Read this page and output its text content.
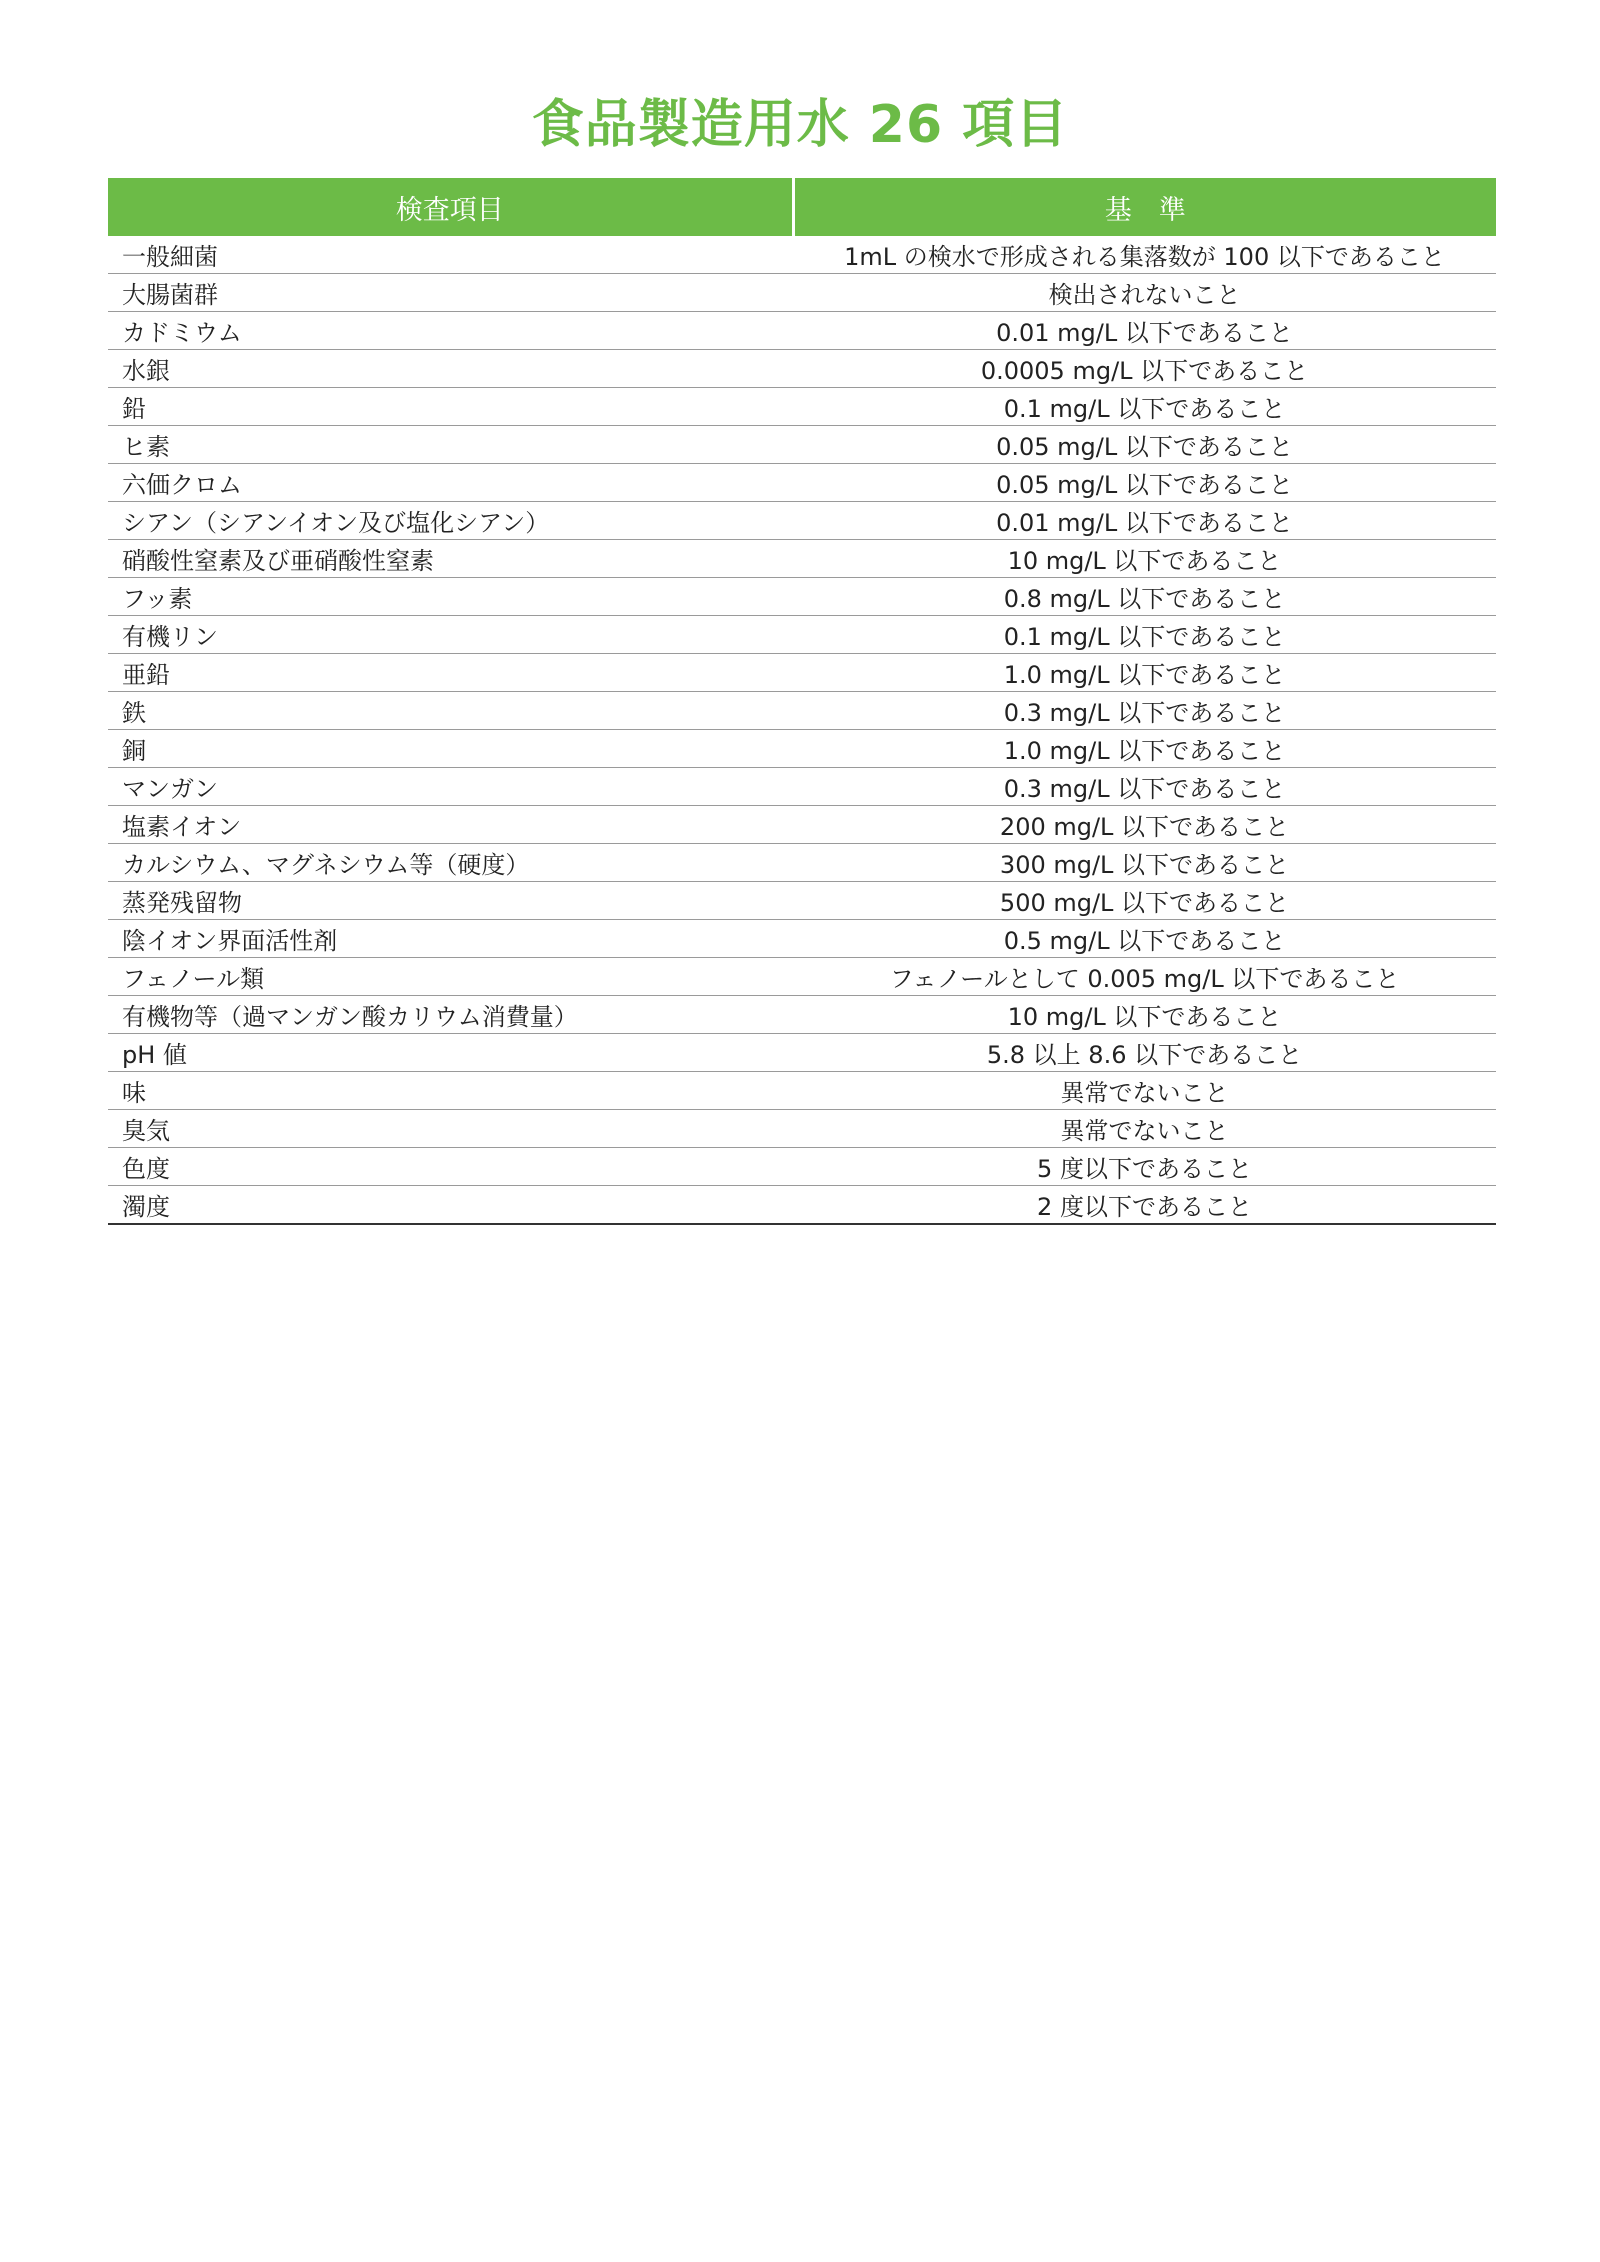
食品製造用水 26 項目
検査項目	基　準
一般細菌	1mL の検水で形成される集落数が 100 以下であること
大腸菌群	検出されないこと
カドミウム	0.01 mg/L 以下であること
水銀	0.0005 mg/L 以下であること
鉛	0.1 mg/L 以下であること
ヒ素	0.05 mg/L 以下であること
六価クロム	0.05 mg/L 以下であること
シアン（シアンイオン及び塩化シアン）	0.01 mg/L 以下であること
硝酸性窒素及び亜硝酸性窒素	10 mg/L 以下であること
フッ素	0.8 mg/L 以下であること
有機リン	0.1 mg/L 以下であること
亜鉛	1.0 mg/L 以下であること
鉄	0.3 mg/L 以下であること
銅	1.0 mg/L 以下であること
マンガン	0.3 mg/L 以下であること
塩素イオン	200 mg/L 以下であること
カルシウム、マグネシウム等（硬度）	300 mg/L 以下であること
蒸発残留物	500 mg/L 以下であること
陰イオン界面活性剤	0.5 mg/L 以下であること
フェノール類	フェノールとして 0.005 mg/L 以下であること
有機物等（過マンガン酸カリウム消費量）	10 mg/L 以下であること
pH 値	5.8 以上 8.6 以下であること
味	異常でないこと
臭気	異常でないこと
色度	5 度以下であること
濁度	2 度以下であること
